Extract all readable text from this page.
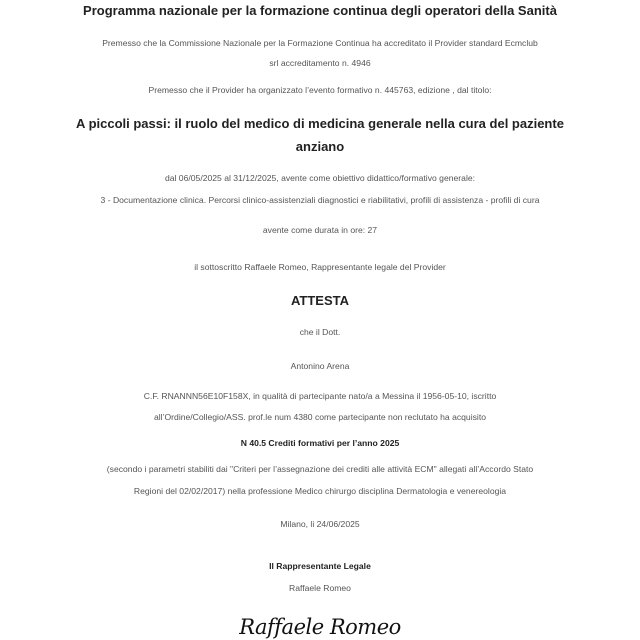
Programma nazionale per la formazione continua degli operatori della Sanità
Premesso che la Commissione Nazionale per la Formazione Continua ha accreditato il Provider standard Ecmclub
srl accreditamento n. 4946
Premesso che il Provider ha organizzato l’evento formativo n. 445763, edizione , dal titolo:
A piccoli passi: il ruolo del medico di medicina generale nella cura del paziente
anziano
dal 06/05/2025 al 31/12/2025, avente come obiettivo didattico/formativo generale:
3 - Documentazione clinica. Percorsi clinico-assistenziali diagnostici e riabilitativi, profili di assistenza - profili di cura
avente come durata in ore: 27
il sottoscritto Raffaele Romeo, Rappresentante legale del Provider
ATTESTA
che il Dott.
Antonino Arena
C.F. RNANNN56E10F158X, in qualità di partecipante nato/a a Messina il 1956-05-10, iscritto
all’Ordine/Collegio/ASS. prof.le num 4380 come partecipante non reclutato ha acquisito
N 40.5 Crediti formativi per l’anno 2025
(secondo i parametri stabiliti dai "Criteri per l’assegnazione dei crediti alle attività ECM" allegati all’Accordo Stato
Regioni del 02/02/2017) nella professione Medico chirurgo disciplina Dermatologia e venereologia
Milano, li 24/06/2025
Il Rappresentante Legale
Raffaele Romeo
Raffaele Romeo
